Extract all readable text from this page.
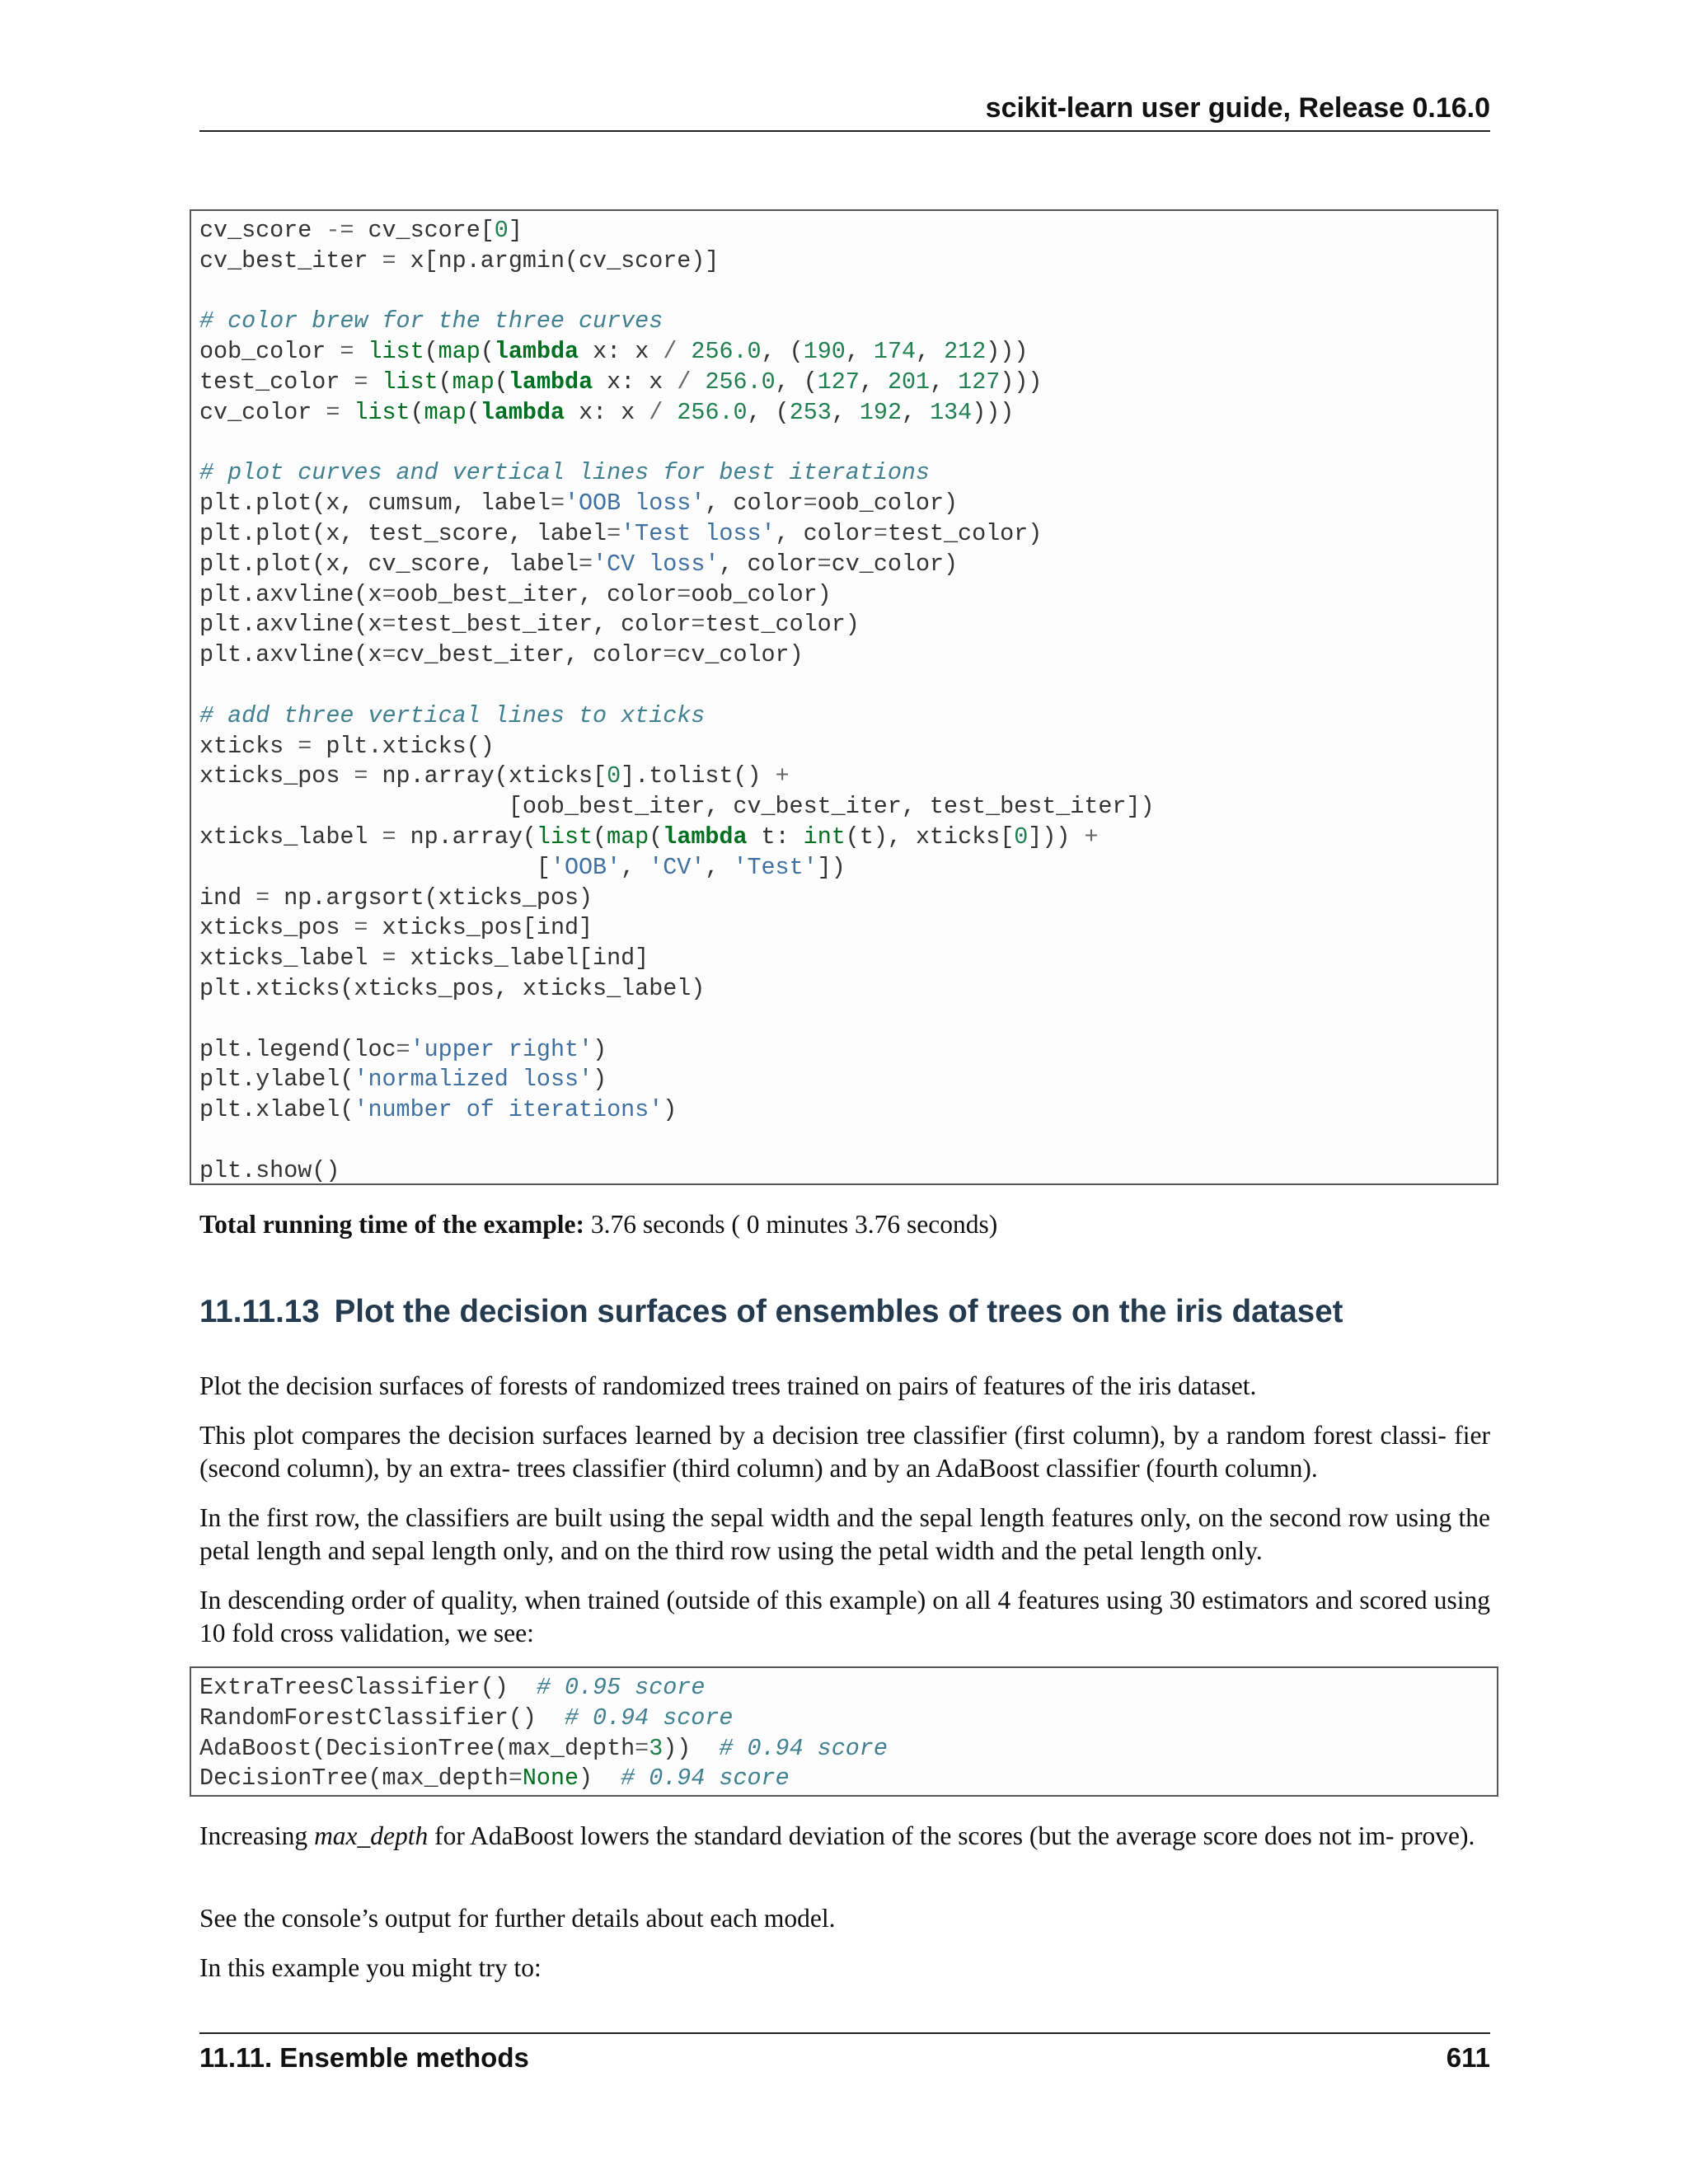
scikit-learn user guide, Release 0.16.0
cv_score -= cv_score[0]
cv_best_iter = x[np.argmin(cv_score)]

# color brew for the three curves
oob_color = list(map(lambda x: x / 256.0, (190, 174, 212)))
test_color = list(map(lambda x: x / 256.0, (127, 201, 127)))
cv_color = list(map(lambda x: x / 256.0, (253, 192, 134)))

# plot curves and vertical lines for best iterations
plt.plot(x, cumsum, label='OOB loss', color=oob_color)
plt.plot(x, test_score, label='Test loss', color=test_color)
plt.plot(x, cv_score, label='CV loss', color=cv_color)
plt.axvline(x=oob_best_iter, color=oob_color)
plt.axvline(x=test_best_iter, color=test_color)
plt.axvline(x=cv_best_iter, color=cv_color)

# add three vertical lines to xticks
xticks = plt.xticks()
xticks_pos = np.array(xticks[0].tolist() +
[oob_best_iter, cv_best_iter, test_best_iter])
xticks_label = np.array(list(map(lambda t: int(t), xticks[0])) +
['OOB', 'CV', 'Test'])
ind = np.argsort(xticks_pos)
xticks_pos = xticks_pos[ind]
xticks_label = xticks_label[ind]
plt.xticks(xticks_pos, xticks_label)

plt.legend(loc='upper right')
plt.ylabel('normalized loss')
plt.xlabel('number of iterations')

plt.show()
Total running time of the example: 3.76 seconds ( 0 minutes 3.76 seconds)
11.11.13 Plot the decision surfaces of ensembles of trees on the iris dataset
Plot the decision surfaces of forests of randomized trees trained on pairs of features of the iris dataset.
This plot compares the decision surfaces learned by a decision tree classifier (first column), by a random forest classi- fier (second column), by an extra- trees classifier (third column) and by an AdaBoost classifier (fourth column).
In the first row, the classifiers are built using the sepal width and the sepal length features only, on the second row using the petal length and sepal length only, and on the third row using the petal width and the petal length only.
In descending order of quality, when trained (outside of this example) on all 4 features using 30 estimators and scored using 10 fold cross validation, we see:
ExtraTreesClassifier()  # 0.95 score
RandomForestClassifier()  # 0.94 score
AdaBoost(DecisionTree(max_depth=3))  # 0.94 score
DecisionTree(max_depth=None)  # 0.94 score
Increasing max_depth for AdaBoost lowers the standard deviation of the scores (but the average score does not im- prove).
See the console’s output for further details about each model.
In this example you might try to:
11.11. Ensemble methods	611
